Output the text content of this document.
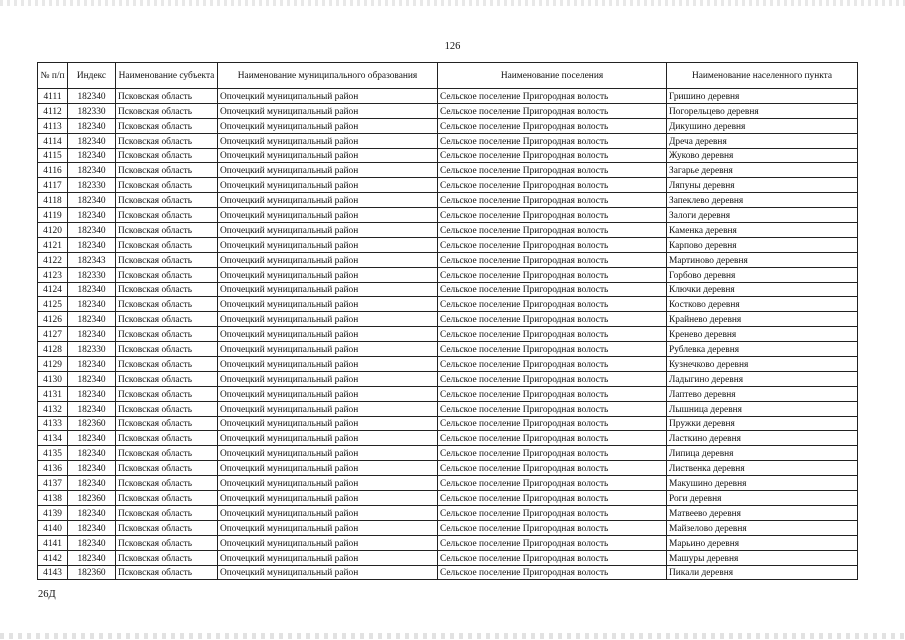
126
№ п/п	Индекс	Наименование субъекта	Наименование муниципального образования	Наименование поселения	Наименование населенного пункта
4111	182340	Псковская область	Опочецкий муниципальный район	Сельское поселение Пригородная волость	Гришино деревня
4112	182330	Псковская область	Опочецкий муниципальный район	Сельское поселение Пригородная волость	Погорельцево деревня
4113	182340	Псковская область	Опочецкий муниципальный район	Сельское поселение Пригородная волость	Дикушино деревня
4114	182340	Псковская область	Опочецкий муниципальный район	Сельское поселение Пригородная волость	Дреча деревня
4115	182340	Псковская область	Опочецкий муниципальный район	Сельское поселение Пригородная волость	Жуково деревня
4116	182340	Псковская область	Опочецкий муниципальный район	Сельское поселение Пригородная волость	Загарье деревня
4117	182330	Псковская область	Опочецкий муниципальный район	Сельское поселение Пригородная волость	Ляпуны деревня
4118	182340	Псковская область	Опочецкий муниципальный район	Сельское поселение Пригородная волость	Запеклево деревня
4119	182340	Псковская область	Опочецкий муниципальный район	Сельское поселение Пригородная волость	Залоги деревня
4120	182340	Псковская область	Опочецкий муниципальный район	Сельское поселение Пригородная волость	Каменка деревня
4121	182340	Псковская область	Опочецкий муниципальный район	Сельское поселение Пригородная волость	Карпово деревня
4122	182343	Псковская область	Опочецкий муниципальный район	Сельское поселение Пригородная волость	Мартиново деревня
4123	182330	Псковская область	Опочецкий муниципальный район	Сельское поселение Пригородная волость	Горбово деревня
4124	182340	Псковская область	Опочецкий муниципальный район	Сельское поселение Пригородная волость	Ключки деревня
4125	182340	Псковская область	Опочецкий муниципальный район	Сельское поселение Пригородная волость	Костково деревня
4126	182340	Псковская область	Опочецкий муниципальный район	Сельское поселение Пригородная волость	Крайнево деревня
4127	182340	Псковская область	Опочецкий муниципальный район	Сельское поселение Пригородная волость	Кренево деревня
4128	182330	Псковская область	Опочецкий муниципальный район	Сельское поселение Пригородная волость	Рублевка деревня
4129	182340	Псковская область	Опочецкий муниципальный район	Сельское поселение Пригородная волость	Кузнечково деревня
4130	182340	Псковская область	Опочецкий муниципальный район	Сельское поселение Пригородная волость	Ладыгино деревня
4131	182340	Псковская область	Опочецкий муниципальный район	Сельское поселение Пригородная волость	Лаптево деревня
4132	182340	Псковская область	Опочецкий муниципальный район	Сельское поселение Пригородная волость	Лышница деревня
4133	182360	Псковская область	Опочецкий муниципальный район	Сельское поселение Пригородная волость	Пружки деревня
4134	182340	Псковская область	Опочецкий муниципальный район	Сельское поселение Пригородная волость	Ласткино деревня
4135	182340	Псковская область	Опочецкий муниципальный район	Сельское поселение Пригородная волость	Липица деревня
4136	182340	Псковская область	Опочецкий муниципальный район	Сельское поселение Пригородная волость	Лиственка деревня
4137	182340	Псковская область	Опочецкий муниципальный район	Сельское поселение Пригородная волость	Макушино деревня
4138	182360	Псковская область	Опочецкий муниципальный район	Сельское поселение Пригородная волость	Роги деревня
4139	182340	Псковская область	Опочецкий муниципальный район	Сельское поселение Пригородная волость	Матвеево деревня
4140	182340	Псковская область	Опочецкий муниципальный район	Сельское поселение Пригородная волость	Майзелово деревня
4141	182340	Псковская область	Опочецкий муниципальный район	Сельское поселение Пригородная волость	Марьино деревня
4142	182340	Псковская область	Опочецкий муниципальный район	Сельское поселение Пригородная волость	Машуры деревня
4143	182360	Псковская область	Опочецкий муниципальный район	Сельское поселение Пригородная волость	Пикали деревня
26Д
